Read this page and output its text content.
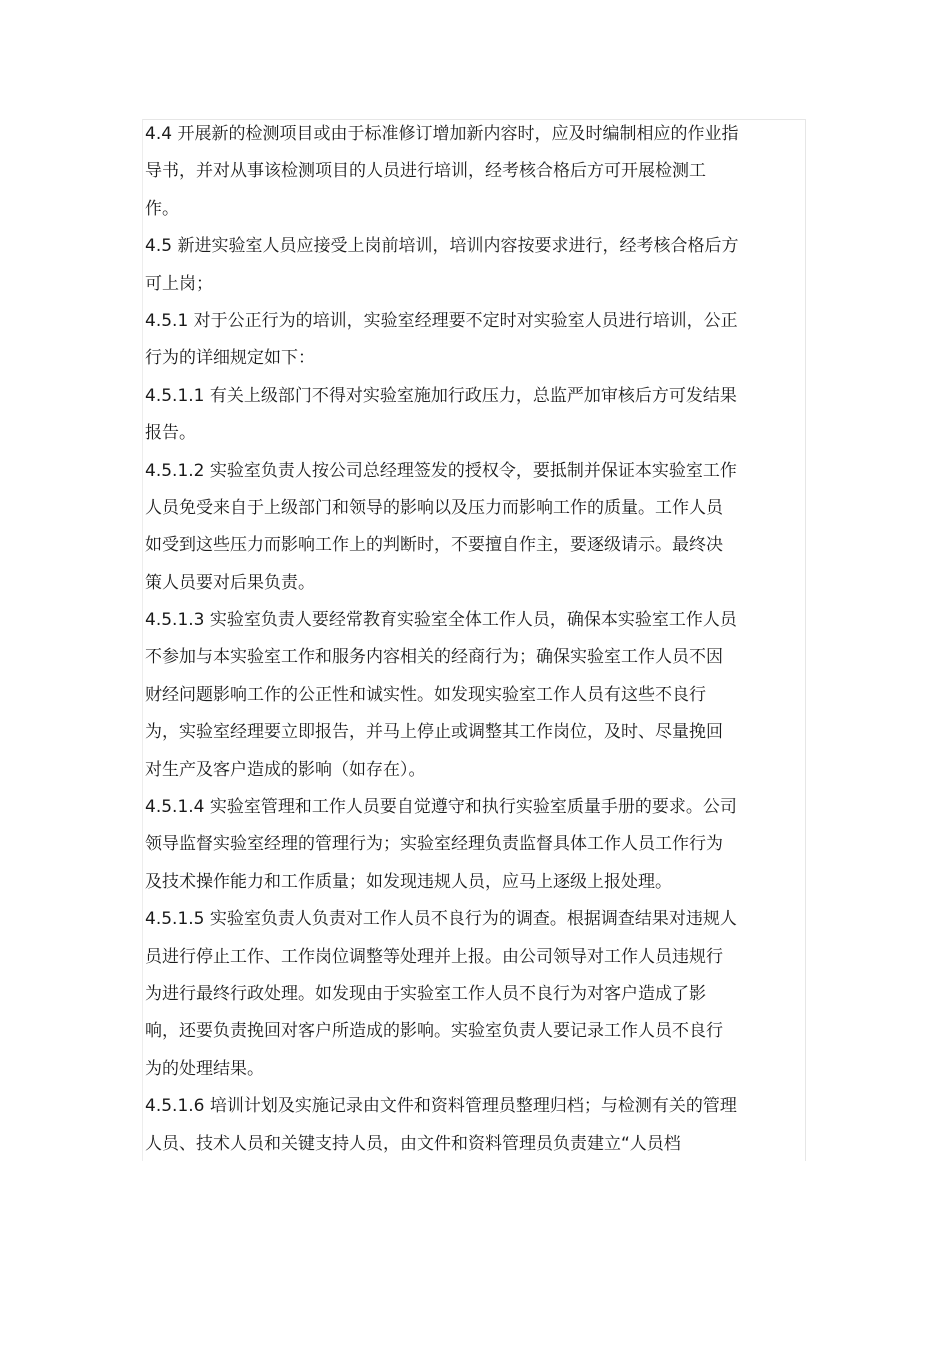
4.4 开展新的检测项目或由于标准修订增加新内容时，应及时编制相应的作业指

导书，并对从事该检测项目的人员进行培训，经考核合格后方可开展检测工

作。

4.5 新进实验室人员应接受上岗前培训，培训内容按要求进行，经考核合格后方

可上岗；

4.5.1 对于公正行为的培训，实验室经理要不定时对实验室人员进行培训，公正

行为的详细规定如下：

4.5.1.1 有关上级部门不得对实验室施加行政压力，总监严加审核后方可发结果

报告。

4.5.1.2 实验室负责人按公司总经理签发的授权令，要抵制并保证本实验室工作

人员免受来自于上级部门和领导的影响以及压力而影响工作的质量。工作人员

如受到这些压力而影响工作上的判断时，不要擅自作主，要逐级请示。最终决

策人员要对后果负责。

4.5.1.3 实验室负责人要经常教育实验室全体工作人员，确保本实验室工作人员

不参加与本实验室工作和服务内容相关的经商行为；确保实验室工作人员不因

财经问题影响工作的公正性和诚实性。如发现实验室工作人员有这些不良行

为，实验室经理要立即报告，并马上停止或调整其工作岗位，及时、尽量挽回

对生产及客户造成的影响（如存在）。

4.5.1.4 实验室管理和工作人员要自觉遵守和执行实验室质量手册的要求。公司

领导监督实验室经理的管理行为；实验室经理负责监督具体工作人员工作行为

及技术操作能力和工作质量；如发现违规人员，应马上逐级上报处理。

4.5.1.5 实验室负责人负责对工作人员不良行为的调查。根据调查结果对违规人

员进行停止工作、工作岗位调整等处理并上报。由公司领导对工作人员违规行

为进行最终行政处理。如发现由于实验室工作人员不良行为对客户造成了影

响，还要负责挽回对客户所造成的影响。实验室负责人要记录工作人员不良行

为的处理结果。

4.5.1.6 培训计划及实施记录由文件和资料管理员整理归档；与检测有关的管理

人员、技术人员和关键支持人员，由文件和资料管理员负责建立“人员档
